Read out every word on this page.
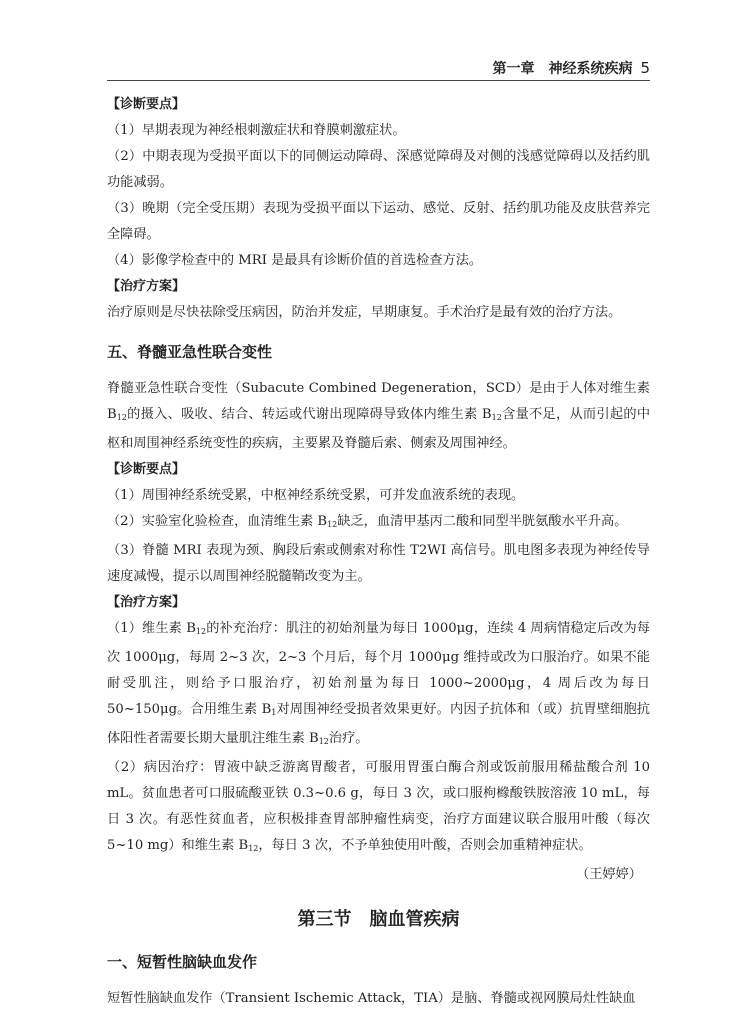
第一章　神经系统疾病 5

【诊断要点】

（1）早期表现为神经根刺激症状和脊膜刺激症状。

（2）中期表现为受损平面以下的同侧运动障碍、深感觉障碍及对侧的浅感觉障碍以及括约肌功能减弱。

（3）晚期（完全受压期）表现为受损平面以下运动、感觉、反射、括约肌功能及皮肤营养完全障碍。

（4）影像学检查中的 MRI 是最具有诊断价值的首选检查方法。

【治疗方案】

治疗原则是尽快祛除受压病因，防治并发症，早期康复。手术治疗是最有效的治疗方法。

五、脊髓亚急性联合变性

脊髓亚急性联合变性（Subacute Combined Degeneration，SCD）是由于人体对维生素 $B_{12}$的摄入、吸收、结合、转运或代谢出现障碍导致体内维生素 $B_{12}$含量不足，从而引起的中枢和周围神经系统变性的疾病，主要累及脊髓后索、侧索及周围神经。

【诊断要点】

（1）周围神经系统受累，中枢神经系统受累，可并发血液系统的表现。

（2）实验室化验检查，血清维生素 $B_{12}$缺乏，血清甲基丙二酸和同型半胱氨酸水平升高。

（3）脊髓 MRI 表现为颈、胸段后索或侧索对称性 T2WI 高信号。肌电图多表现为神经传导速度减慢，提示以周围神经脱髓鞘改变为主。

【治疗方案】

（1）维生素 $B_{12}$的补充治疗：肌注的初始剂量为每日 1000μg，连续 4 周病情稳定后改为每次 1000μg，每周 2~3 次，2~3 个月后，每个月 1000μg 维持或改为口服治疗。如果不能耐受肌注，则给予口服治疗，初始剂量为每日 1000~2000μg，4 周后改为每日 50~150μg。合用维生素 $B_1$对周围神经受损者效果更好。内因子抗体和（或）抗胃壁细胞抗体阳性者需要长期大量肌注维生素 $B_{12}$治疗。

（2）病因治疗：胃液中缺乏游离胃酸者，可服用胃蛋白酶合剂或饭前服用稀盐酸合剂 10 mL。贫血患者可口服硫酸亚铁 0.3~0.6 g，每日 3 次，或口服枸橼酸铁胺溶液 10 mL，每日 3 次。有恶性贫血者，应积极排查胃部肿瘤性病变，治疗方面建议联合服用叶酸（每次 5~10 mg）和维生素 $B_{12}$，每日 3 次，不予单独使用叶酸，否则会加重精神症状。

（王婷婷）

第三节　脑血管疾病

一、短暂性脑缺血发作

短暂性脑缺血发作（Transient Ischemic Attack，TIA）是脑、脊髓或视网膜局灶性缺血
